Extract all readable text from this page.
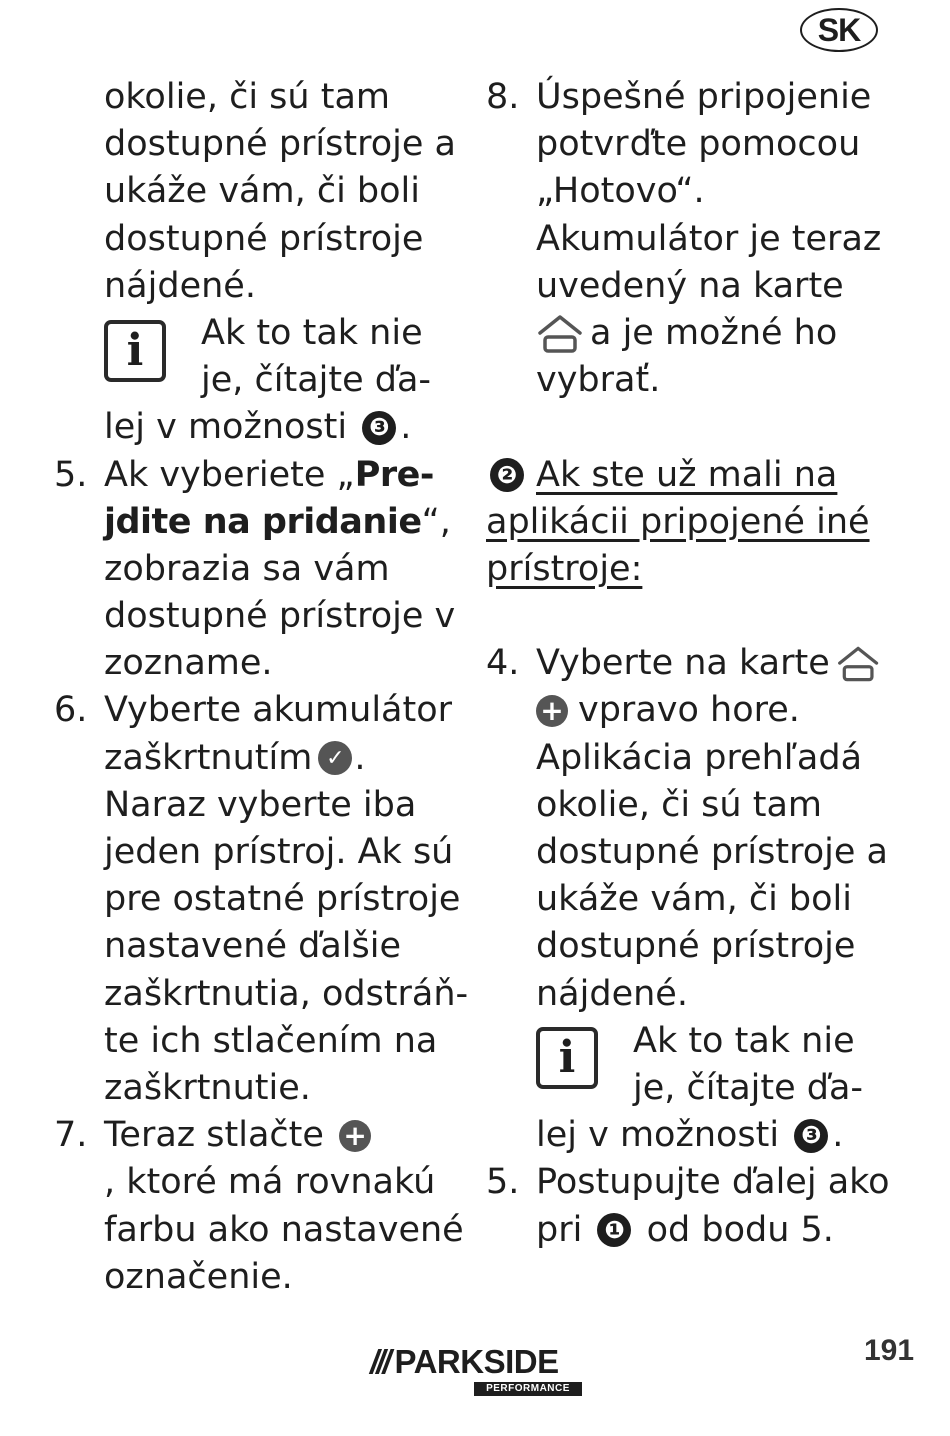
SK
okolie, či sú tam
dostupné prístroje a
ukáže vám, či boli
dostupné prístroje
nájdené.
i	Ak to tak nie
je, čítajte ďa-
lej v možnosti
❸ .
5. Ak vyberiete „ Pre-
jdite na pridanie “,
zobrazia sa vám
dostupné prístroje v
zozname.
6. Vyberte akumulátor
zaškrtnutím ✓ .
Naraz vyberte iba
jeden prístroj. Ak sú
pre ostatné prístroje
nastavené ďalšie
zaškrtnutia, odstráň-
te ich stlačením na
zaškrtnutie.
7. Teraz stlačte
+
, ktoré má rovnakú
farbu ako nastavené
označenie.
8. Úspešné pripojenie
potvrďte pomocou
„Hotovo“.
Akumulátor je teraz
uvedený na karte
a je možné ho
vybrať.
❷ Ak ste už mali na
aplikácii pripojené iné
prístroje:
4. Vyberte na karte
+ vpravo hore.
Aplikácia prehľadá
okolie, či sú tam
dostupné prístroje a
ukáže vám, či boli
dostupné prístroje
nájdené.
i	Ak to tak nie
je, čítajte ďa-
lej v možnosti
❸ .
5. Postupujte ďalej ako
pri
❶
od bodu 5.
/// PARKSIDE
PERFORMANCE
191
